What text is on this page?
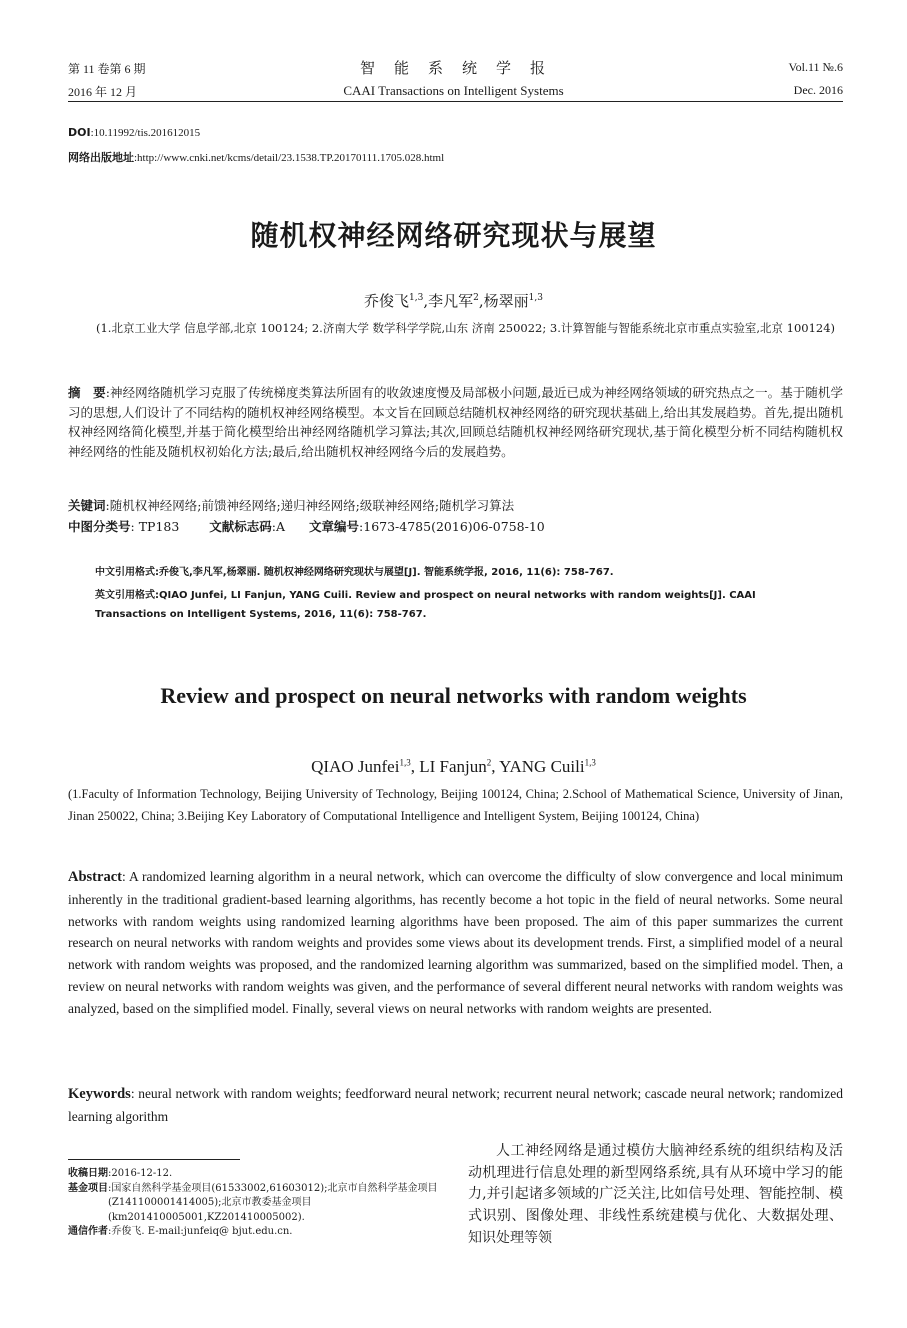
第 11 卷第 6 期	智　能　系　统　学　报	Vol.11 №.6
2016 年 12 月	CAAI Transactions on Intelligent Systems	Dec. 2016
DOI:10.11992/tis.201612015
网络出版地址:http://www.cnki.net/kcms/detail/23.1538.TP.20170111.1705.028.html
随机权神经网络研究现状与展望
乔俊飞$^{1,3}$,李凡军$^2$,杨翠丽$^{1,3}$
(1.北京工业大学 信息学部,北京 100124; 2.济南大学 数学科学学院,山东 济南 250022; 3.计算智能与智能系统北京市重点实验室,北京 100124)
摘　要:神经网络随机学习克服了传统梯度类算法所固有的收敛速度慢及局部极小问题,最近已成为神经网络领域的研究热点之一。基于随机学习的思想,人们设计了不同结构的随机权神经网络模型。本文旨在回顾总结随机权神经网络的研究现状基础上,给出其发展趋势。首先,提出随机权神经网络简化模型,并基于简化模型给出神经网络随机学习算法;其次,回顾总结随机权神经网络研究现状,基于简化模型分析不同结构随机权神经网络的性能及随机权初始化方法;最后,给出随机权神经网络今后的发展趋势。
关键词:随机权神经网络;前馈神经网络;递归神经网络;级联神经网络;随机学习算法
中图分类号: TP183 文献标志码:A 文章编号:1673-4785(2016)06-0758-10
中文引用格式:乔俊飞,李凡军,杨翠丽. 随机权神经网络研究现状与展望[J]. 智能系统学报, 2016, 11(6): 758-767.
英文引用格式:QIAO Junfei, LI Fanjun, YANG Cuili. Review and prospect on neural networks with random weights[J]. CAAI Transactions on Intelligent Systems, 2016, 11(6): 758-767.
Review and prospect on neural networks with random weights
QIAO Junfei$^{1,3}$, LI Fanjun$^2$, YANG Cuili$^{1,3}$
(1.Faculty of Information Technology, Beijing University of Technology, Beijing 100124, China; 2.School of Mathematical Science, University of Jinan, Jinan 250022, China; 3.Beijing Key Laboratory of Computational Intelligence and Intelligent System, Beijing 100124, China)
Abstract: A randomized learning algorithm in a neural network, which can overcome the difficulty of slow convergence and local minimum inherently in the traditional gradient-based learning algorithms, has recently become a hot topic in the field of neural networks. Some neural networks with random weights using randomized learning algorithms have been proposed. The aim of this paper summarizes the current research on neural networks with random weights and provides some views about its development trends. First, a simplified model of a neural network with random weights was proposed, and the randomized learning algorithm was summarized, based on the simplified model. Then, a review on neural networks with random weights was given, and the performance of several different neural networks with random weights was analyzed, based on the simplified model. Finally, several views on neural networks with random weights are presented.
Keywords: neural network with random weights; feedforward neural network; recurrent neural network; cascade neural network; randomized learning algorithm
收稿日期 :2016-12-12.
基金项目 :国家自然科学基金项目(61533002,61603012);北京市自然科学基金项目(Z141100001414005);北京市教委基金项目(km201410005001,KZ201410005002).
通信作者 :乔俊飞. E-mail:junfeiq@ bjut.edu.cn.
人工神经网络是通过模仿大脑神经系统的组织结构及活动机理进行信息处理的新型网络系统,具有从环境中学习的能力,并引起诸多领域的广泛关注,比如信号处理、智能控制、模式识别、图像处理、非线性系统建模与优化、大数据处理、知识处理等领
